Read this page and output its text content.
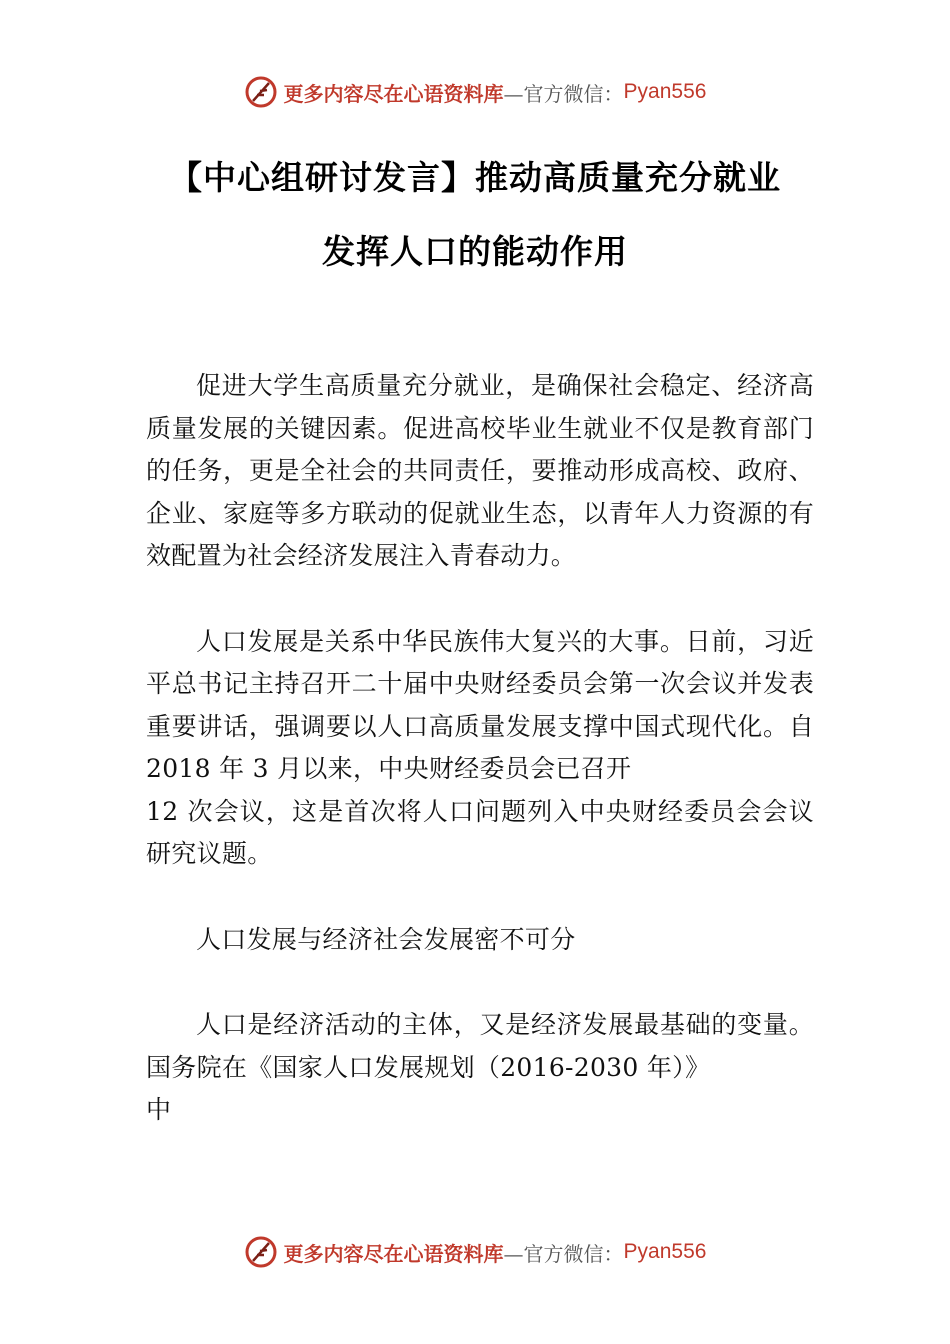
更多内容尽在心语资料库 —官方微信： Pyan556
【中心组研讨发言】推动高质量充分就业
发挥人口的能动作用

促进大学生高质量充分就业，是确保社会稳定、经济高质量发展的关键因素。促进高校毕业生就业不仅是教育部门的任务，更是全社会的共同责任，要推动形成高校、政府、企业、家庭等多方联动的促就业生态，以青年人力资源的有效配置为社会经济发展注入青春动力。

人口发展是关系中华民族伟大复兴的大事。日前，习近平总书记主持召开二十届中央财经委员会第一次会议并发表重要讲话，强调要以人口高质量发展支撑中国式现代化。自 2018 年 3 月以来，中央财经委员会已召开
12 次会议，这是首次将人口问题列入中央财经委员会会议研究议题。

人口发展与经济社会发展密不可分

人口是经济活动的主体，又是经济发展最基础的变量。国务院在《国家人口发展规划（2016-2030 年）》
中

更多内容尽在心语资料库 —官方微信： Pyan556
